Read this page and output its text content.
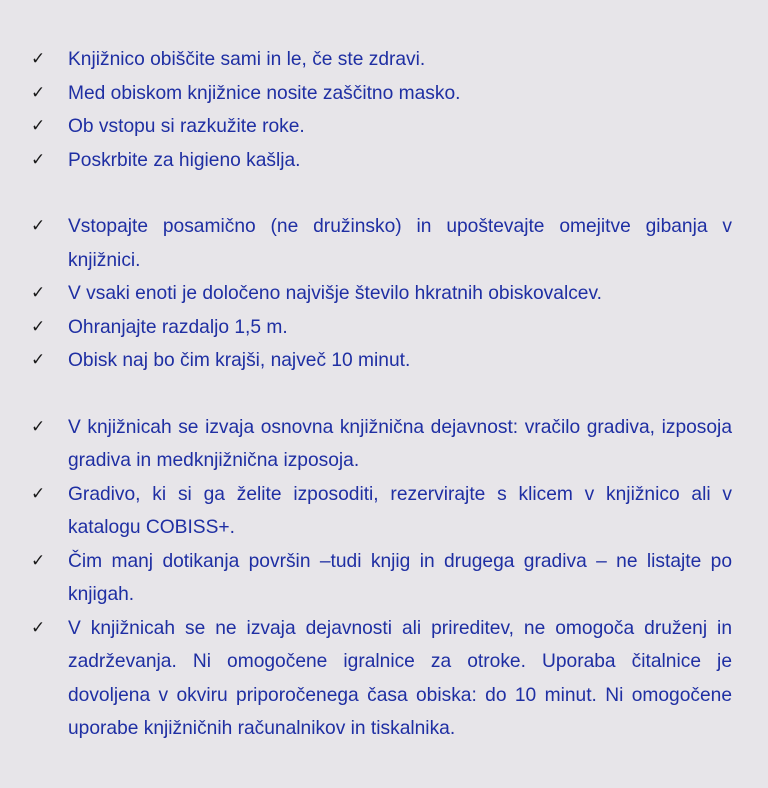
✓	Knjižnico obiščite sami in le, če ste zdravi.
✓	Med obiskom knjižnice nosite zaščitno masko.
✓	Ob vstopu si razkužite roke.
✓	Poskrbite za higieno kašlja.
✓	Vstopajte posamično (ne družinsko) in upoštevajte omejitve gibanja v knjižnici.
✓	V vsaki enoti je določeno najvišje število hkratnih obiskovalcev.
✓	Ohranjajte razdaljo 1,5 m.
✓	Obisk naj bo čim krajši, največ 10 minut.
✓	V knjižnicah se izvaja osnovna knjižnična dejavnost: vračilo gradiva, izposoja gradiva in medknjižnična izposoja.
✓	Gradivo, ki si ga želite izposoditi, rezervirajte s klicem v knjižnico ali v katalogu COBISS+.
✓	Čim manj dotikanja površin –tudi knjig in drugega gradiva – ne listajte po knjigah.
✓	V knjižnicah se ne izvaja dejavnosti ali prireditev, ne omogoča druženj in zadrževanja. Ni omogočene igralnice za otroke. Uporaba čitalnice je dovoljena v okviru priporočenega časa obiska: do 10 minut. Ni omogočene uporabe knjižničnih računalnikov in tiskalnika.
